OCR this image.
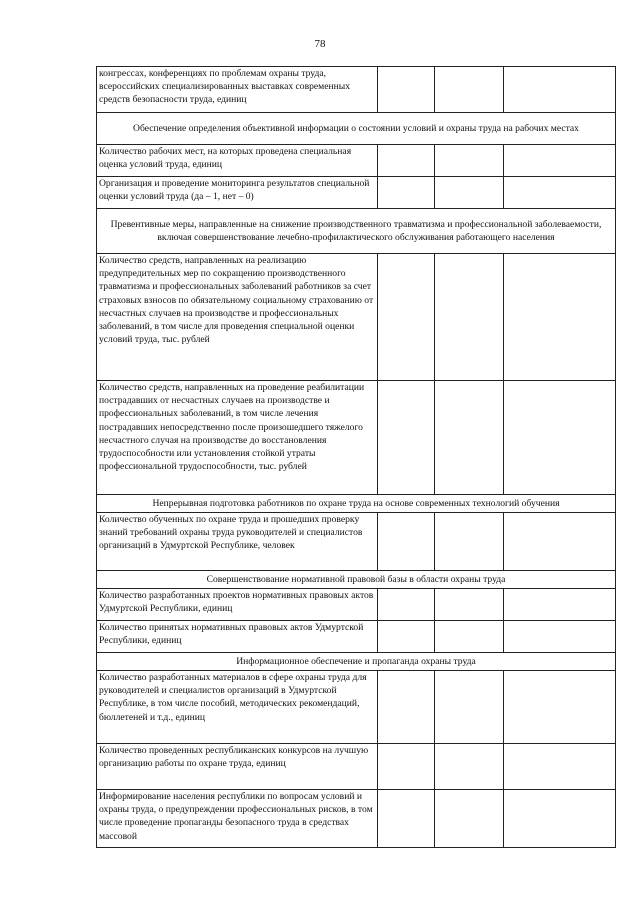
78
конгрессах, конференциях по проблемам охраны труда, всероссийских специализированных выставках современных средств безопасности труда, единиц			
Обеспечение определения объективной информации о состоянии условий и охраны труда на рабочих местах			
Количество рабочих мест, на которых проведена специальная оценка условий труда, единиц			
Организация и проведение мониторинга результатов специальной оценки условий труда (да – 1, нет – 0)			
Превентивные меры, направленные на снижение производственного травматизма и профессиональной заболеваемости, включая совершенствование лечебно-профилактического обслуживания работающего населения			
Количество средств, направленных на реализацию предупредительных мер по сокращению производственного травматизма и профессиональных заболеваний работников за счет страховых взносов по обязательному социальному страхованию от несчастных случаев на производстве и профессиональных заболеваний, в том числе для проведения специальной оценки условий труда, тыс. рублей			
Количество средств, направленных на проведение реабилитации пострадавших от несчастных случаев на производстве и профессиональных заболеваний, в том числе лечения пострадавших непосредственно после произошедшего тяжелого несчастного случая на производстве до восстановления трудоспособности или установления стойкой утраты профессиональной трудоспособности, тыс. рублей			
Непрерывная подготовка работников по охране труда на основе современных технологий обучения			
Количество обученных по охране труда и прошедших проверку знаний требований охраны труда руководителей и специалистов организаций в Удмуртской Республике, человек			
Совершенствование нормативной правовой базы в области охраны труда			
Количество разработанных проектов нормативных правовых актов Удмуртской Республики, единиц			
Количество принятых нормативных правовых актов Удмуртской Республики, единиц			
Информационное обеспечение и пропаганда охраны труда			
Количество разработанных материалов в сфере охраны труда для руководителей и специалистов организаций в Удмуртской Республике, в том числе пособий, методических рекомендаций, бюллетеней и т.д., единиц			
Количество проведенных республиканских конкурсов на лучшую организацию работы по охране труда, единиц			
Информирование населения республики по вопросам условий и охраны труда, о предупреждении профессиональных рисков, в том числе проведение пропаганды безопасного труда в средствах массовой			
